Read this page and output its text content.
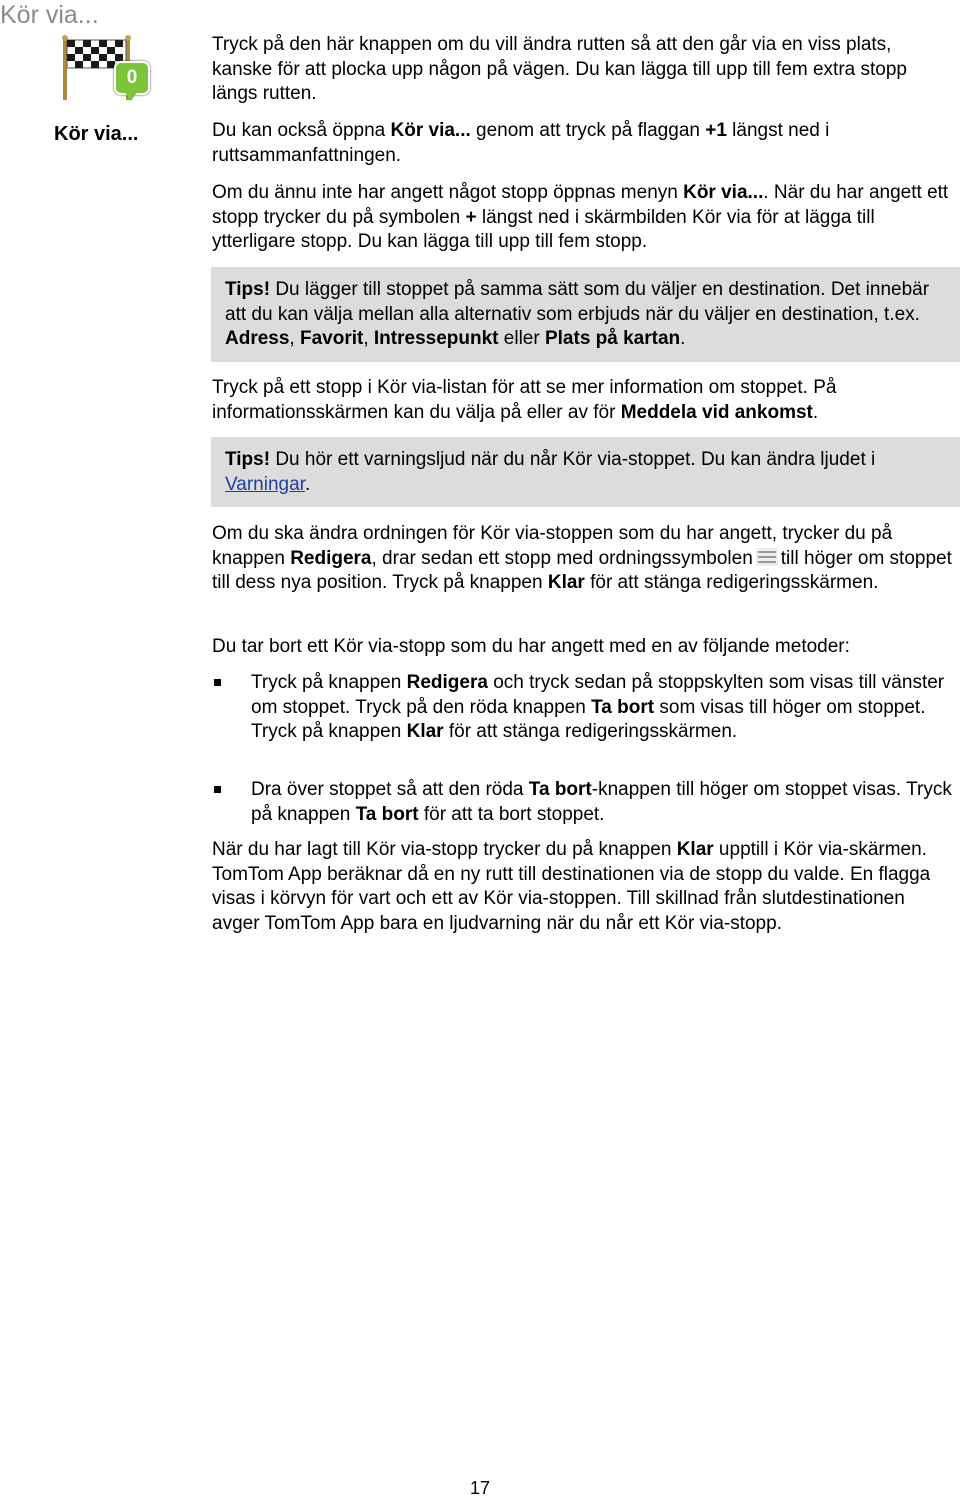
Kör via...
0
Kör via...

Tryck på den här knappen om du vill ändra rutten så att den går via en viss plats, kanske för att plocka upp någon på vägen. Du kan lägga till upp till fem extra stopp längs rutten.

Du kan också öppna Kör via... genom att tryck på flaggan +1 längst ned i ruttsammanfattningen.

Om du ännu inte har angett något stopp öppnas menyn Kör via.... När du har angett ett stopp trycker du på symbolen + längst ned i skärmbilden Kör via för at lägga till ytterligare stopp. Du kan lägga till upp till fem stopp.

Tips! Du lägger till stoppet på samma sätt som du väljer en destination. Det innebär att du kan välja mellan alla alternativ som erbjuds när du väljer en destination, t.ex. Adress, Favorit, Intressepunkt eller Plats på kartan.

Tryck på ett stopp i Kör via-listan för att se mer information om stoppet. På informationsskärmen kan du välja på eller av för Meddela vid ankomst.

Tips! Du hör ett varningsljud när du når Kör via-stoppet. Du kan ändra ljudet i Varningar.

Om du ska ändra ordningen för Kör via-stoppen som du har angett, trycker du på knappen Redigera, drar sedan ett stopp med ordningssymbolen till höger om stoppet till dess nya position. Tryck på knappen Klar för att stänga redigeringsskärmen.

Du tar bort ett Kör via-stopp som du har angett med en av följande metoder:

Tryck på knappen Redigera och tryck sedan på stoppskylten som visas till vänster om stoppet. Tryck på den röda knappen Ta bort som visas till höger om stoppet. Tryck på knappen Klar för att stänga redigeringsskärmen.
Dra över stoppet så att den röda Ta bort-knappen till höger om stoppet visas. Tryck på knappen Ta bort för att ta bort stoppet.

När du har lagt till Kör via-stopp trycker du på knappen Klar upptill i Kör via-skärmen. TomTom App beräknar då en ny rutt till destinationen via de stopp du valde. En flagga visas i körvyn för vart och ett av Kör via-stoppen. Till skillnad från slutdestinationen avger TomTom App bara en ljudvarning när du når ett Kör via-stopp.

17
